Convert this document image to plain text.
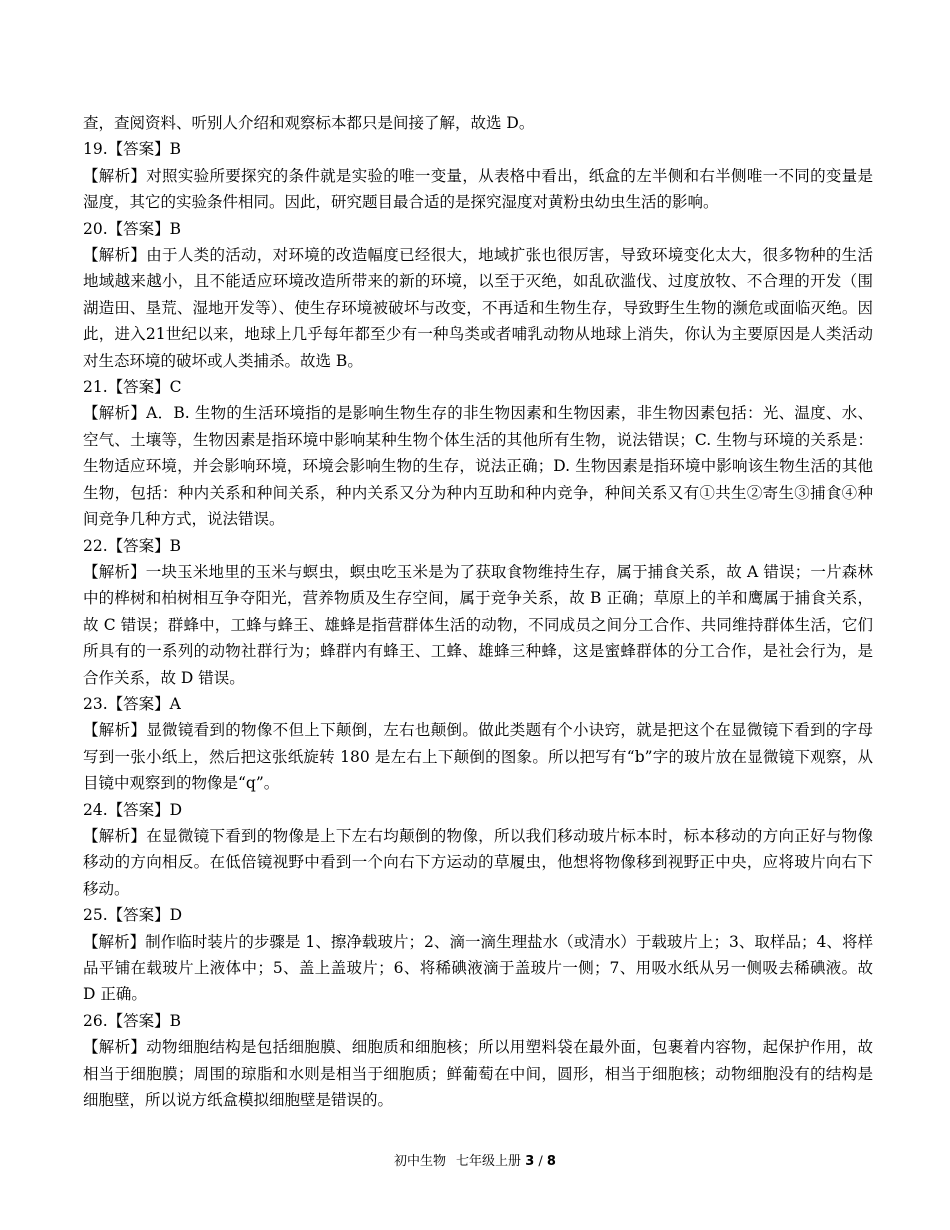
查，查阅资料、听别人介绍和观察标本都只是间接了解，故选 D。

19.【答案】B

【解析】对照实验所要探究的条件就是实验的唯一变量，从表格中看出，纸盒的左半侧和右半侧唯一不同的变量是湿度，其它的实验条件相同。因此，研究题目最合适的是探究湿度对黄粉虫幼虫生活的影响。

20.【答案】B

【解析】由于人类的活动，对环境的改造幅度已经很大，地域扩张也很厉害，导致环境变化太大，很多物种的生活地域越来越小，且不能适应环境改造所带来的新的环境，以至于灭绝，如乱砍滥伐、过度放牧、不合理的开发（围湖造田、垦荒、湿地开发等）、使生存环境被破坏与改变，不再适和生物生存，导致野生生物的濒危或面临灭绝。因此，进入21世纪以来，地球上几乎每年都至少有一种鸟类或者哺乳动物从地球上消失，你认为主要原因是人类活动对生态环境的破坏或人类捕杀。故选 B。

21.【答案】C

【解析】A．B. 生物的生活环境指的是影响生物生存的非生物因素和生物因素，非生物因素包括：光、温度、水、空气、土壤等，生物因素是指环境中影响某种生物个体生活的其他所有生物，说法错误；C. 生物与环境的关系是：生物适应环境，并会影响环境，环境会影响生物的生存，说法正确；D. 生物因素是指环境中影响该生物生活的其他生物，包括：种内关系和种间关系，种内关系又分为种内互助和种内竞争，种间关系又有①共生②寄生③捕食④种间竞争几种方式，说法错误。

22.【答案】B

【解析】一块玉米地里的玉米与螟虫，螟虫吃玉米是为了获取食物维持生存，属于捕食关系，故 A 错误；一片森林中的桦树和柏树相互争夺阳光，营养物质及生存空间，属于竞争关系，故 B 正确；草原上的羊和鹰属于捕食关系，故 C 错误；群蜂中，工蜂与蜂王、雄蜂是指营群体生活的动物，不同成员之间分工合作、共同维持群体生活，它们所具有的一系列的动物社群行为；蜂群内有蜂王、工蜂、雄蜂三种蜂，这是蜜蜂群体的分工合作，是社会行为，是合作关系，故 D 错误。

23.【答案】A

【解析】显微镜看到的物像不但上下颠倒，左右也颠倒。做此类题有个小诀窍，就是把这个在显微镜下看到的字母写到一张小纸上，然后把这张纸旋转 180 是左右上下颠倒的图象。所以把写有“b”字的玻片放在显微镜下观察，从目镜中观察到的物像是“q”。

24.【答案】D

【解析】在显微镜下看到的物像是上下左右均颠倒的物像，所以我们移动玻片标本时，标本移动的方向正好与物像移动的方向相反。在低倍镜视野中看到一个向右下方运动的草履虫，他想将物像移到视野正中央，应将玻片向右下移动。

25.【答案】D

【解析】制作临时装片的步骤是 1、擦净载玻片；2、滴一滴生理盐水（或清水）于载玻片上；3、取样品；4、将样品平铺在载玻片上液体中；5、盖上盖玻片；6、将稀碘液滴于盖玻片一侧；7、用吸水纸从另一侧吸去稀碘液。故 D 正确。

26.【答案】B

【解析】动物细胞结构是包括细胞膜、细胞质和细胞核；所以用塑料袋在最外面，包裹着内容物，起保护作用，故相当于细胞膜；周围的琼脂和水则是相当于细胞质；鲜葡萄在中间，圆形，相当于细胞核；动物细胞没有的结构是细胞壁，所以说方纸盒模拟细胞壁是错误的。

初中生物 七年级上册 3 / 8
